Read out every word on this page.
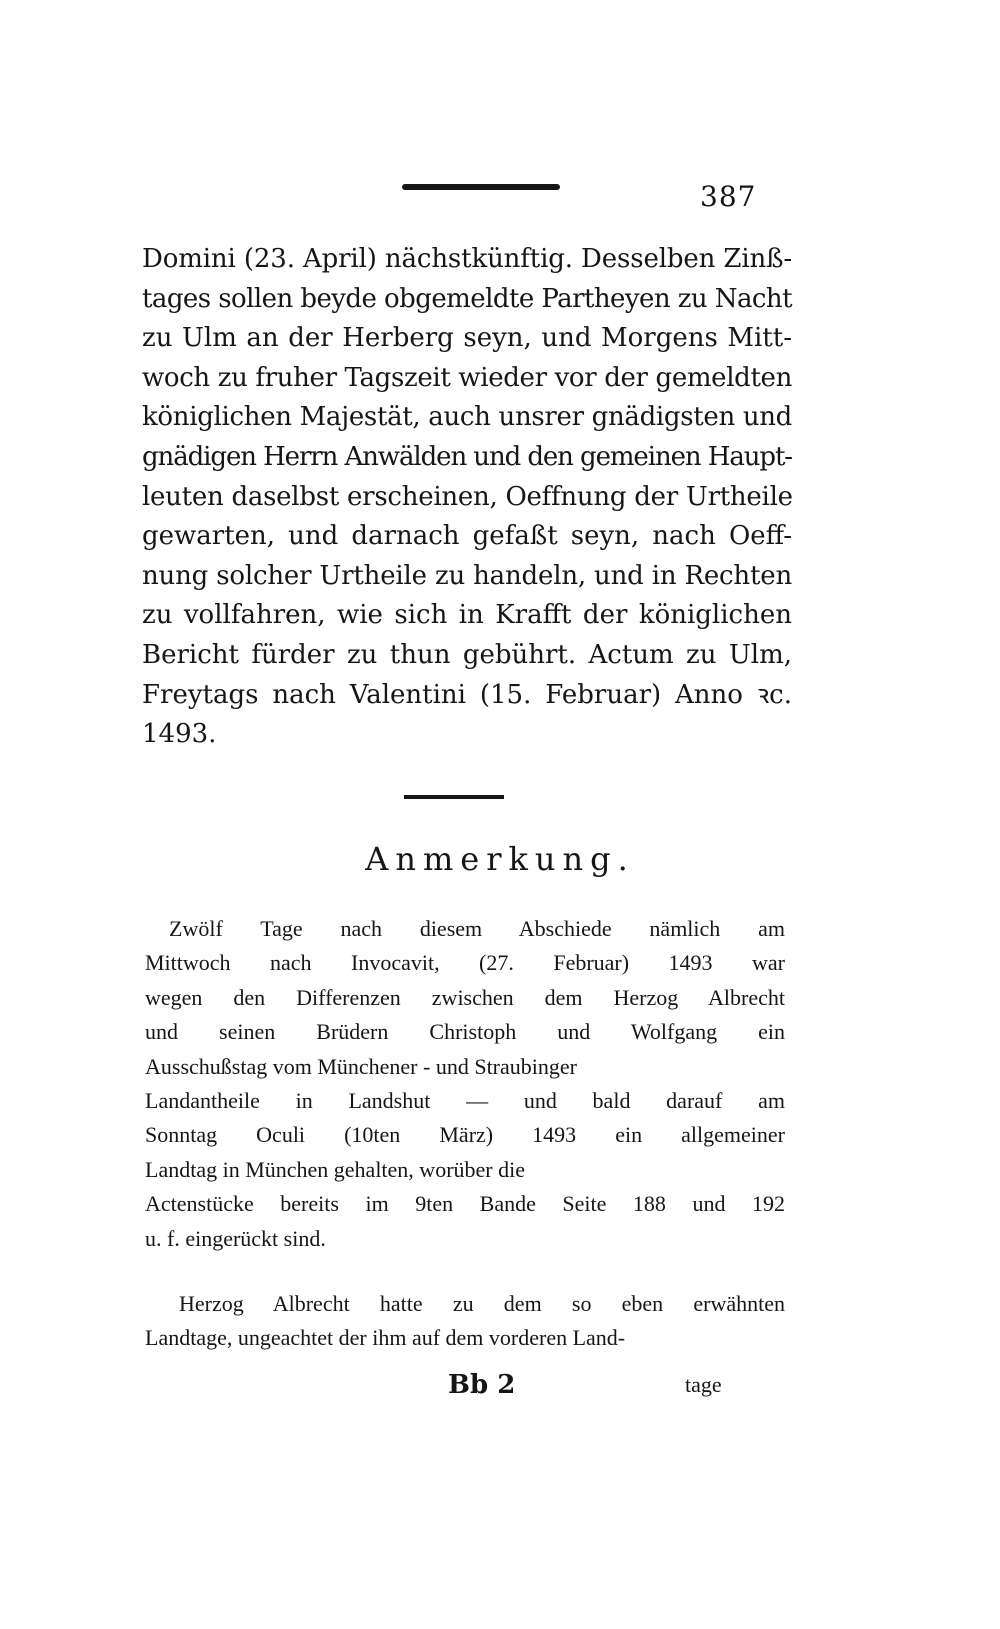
387
Domini (23. April) nächstkünftig. Desselben Zinß-
tages sollen beyde obgemeldte Partheyen zu Nacht
zu Ulm an der Herberg seyn, und Morgens Mitt-
woch zu fruher Tagszeit wieder vor der gemeldten
königlichen Majestät, auch unsrer gnädigsten und
gnädigen Herrn Anwälden und den gemeinen Haupt-
leuten daselbst erscheinen, Oeffnung der Urtheile
gewarten, und darnach gefaßt seyn, nach Oeff-
nung solcher Urtheile zu handeln, und in Rechten
zu vollfahren, wie sich in Krafft der königlichen
Bericht fürder zu thun gebührt. Actum zu Ulm,
Freytags nach Valentini (15. Februar) Anno ꝛc.
1493.
Anmerkung.
Zwölf Tage nach diesem Abschiede nämlich am
Mittwoch nach Invocavit, (27. Februar) 1493 war
wegen den Differenzen zwischen dem Herzog Albrecht
und seinen Brüdern Christoph und Wolfgang ein
Ausschußstag vom Münchener - und Straubinger
Landantheile in Landshut — und bald darauf am
Sonntag Oculi (10ten März) 1493 ein allgemeiner
Landtag in München gehalten, worüber die
Actenstücke bereits im 9ten Bande Seite 188 und 192
u. f. eingerückt sind.
Herzog Albrecht hatte zu dem so eben erwähnten
Landtage, ungeachtet der ihm auf dem vorderen Land-
Bb 2	tage
